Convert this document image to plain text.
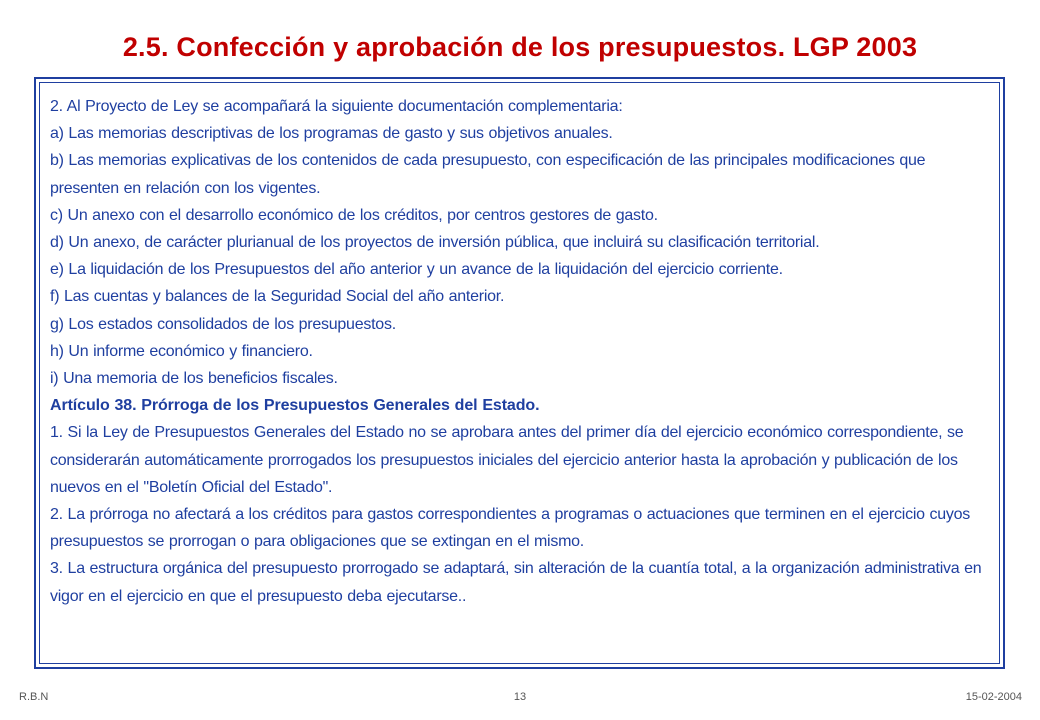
2.5. Confección y aprobación de los presupuestos. LGP 2003

2. Al Proyecto de Ley se acompañará la siguiente documentación complementaria:

a) Las memorias descriptivas de los programas de gasto y sus objetivos anuales.

b) Las memorias explicativas de los contenidos de cada presupuesto, con especificación de las principales modificaciones que presenten en relación con los vigentes.

c) Un anexo con el desarrollo económico de los créditos, por centros gestores de gasto.

d) Un anexo, de carácter plurianual de los proyectos de inversión pública, que incluirá su clasificación territorial.

e) La liquidación de los Presupuestos del año anterior y un avance de la liquidación del ejercicio corriente.

f) Las cuentas y balances de la Seguridad Social del año anterior.

g) Los estados consolidados de los presupuestos.

h) Un informe económico y financiero.

i) Una memoria de los beneficios fiscales.

Artículo 38. Prórroga de los Presupuestos Generales del Estado.

1. Si la Ley de Presupuestos Generales del Estado no se aprobara antes del primer día del ejercicio económico correspondiente, se considerarán automáticamente prorrogados los presupuestos iniciales del ejercicio anterior hasta la aprobación y publicación de los nuevos en el "Boletín Oficial del Estado".

2. La prórroga no afectará a los créditos para gastos correspondientes a programas o actuaciones que terminen en el ejercicio cuyos presupuestos se prorrogan o para obligaciones que se extingan en el mismo.

3. La estructura orgánica del presupuesto prorrogado se adaptará, sin alteración de la cuantía total, a la organización administrativa en vigor en el ejercicio en que el presupuesto deba ejecutarse..

R.B.N	13	15-02-2004
